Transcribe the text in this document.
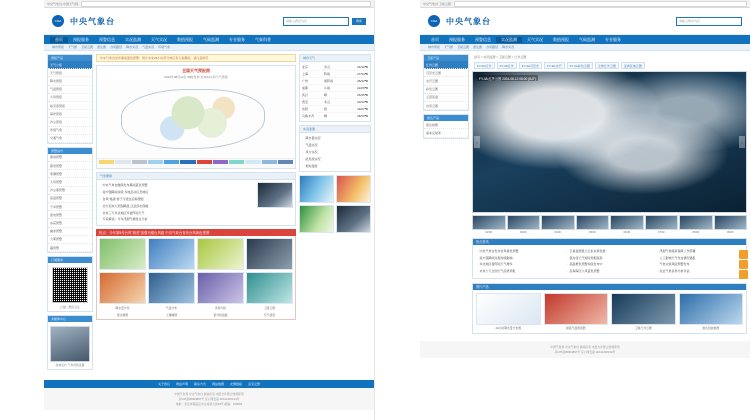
中央气象台-中国天气网
CMA	中央气象台	请输入搜索内容	搜索
首页	预报服务	预警信息	实况监测	天气实况	数值预报	气候监测	专业服务	气象科普
城市预报 天气图 卫星云图 雷达图 台风路径 降水实况 气温实况 环境气象
预报产品
天气公报
天气预报
降水预报
气温预报
大风预报
能见度预报
海洋预报
沙尘预报
环境气象
交通气象
预警信号
暴雨预警
暴雪预警
寒潮预警
大风预警
沙尘暴预警
高温预警
干旱预警
雷电预警
冰雹预警
霜冻预警
大雾预警
霾预警
订阅服务
扫描二维码关注
多媒体中心
权威发布·气象视频直播
中央气象台发布暴雨蓝色预警：预计未来24小时部分地区有大到暴雨，请注意防范
全国天气预报图
2024年08月12日 08时发布 未来24小时天气预报
气象要闻
· 中央气象台继续发布暴雨蓝色预警
· 南方强降雨持续 多地启动应急响应
· 台风"格美"将于今夜在沿海登陆
· 北方迎来大范围降温 注意添衣保暖
· 未来三天华北地区多雷阵雨天气
· 专家解读：今年汛期气候特点分析
热点：今年第5号台风"格美"加强为强台风级 中央气象台发布台风黄色预警
降水量分布	气温分布	风场分析	卫星云图
雷达拼图	土壤墒情	紫外线指数	空气质量
城市天气
北京	多云	24/32℃
上海	阵雨	27/34℃
广州	雷阵雨	26/33℃
成都	小雨	22/29℃
武汉	晴	26/35℃
西安	多云	23/33℃
沈阳	阴	19/27℃
乌鲁木齐	晴	18/30℃
实况监测
· 降水量实况
· 气温实况
· 风力实况
· 能见度实况
· 相对湿度
关于我们 网站声明 联系方式 网站地图 友情链接 意见反馈

中国气象局 中央气象台 版权所有 未经允许禁止转载使用

京ICP备05004897号 京公网安备 11041400134号

地址：北京市海淀区中关村南大街46号 邮编：100081

中央气象台 卫星云图
CMA	中央气象台	请输入搜索内容
首页	预报服务	预警信息	实况监测	天气实况	数值预报	气候监测	专业服务
城市预报 天气图 卫星云图 雷达图 台风路径 降水实况
卫星产品
红外云图
可见光云图
水汽云图
彩色云图
云顶亮温
台风云图
雷达产品
雷达拼图
基本反射率
首页 > 实况监测 > 卫星云图 > 红外云图
FY-2G红外	FY-4A红外	FY-4A可见光	FY-2G水汽	FY-4A彩色云图	全球红外云图	亚洲区域云图
FY-4A 红外云图 2024-08-12 08:00 (BJT)
‹	›
02:00	03:00	04:00	05:00	06:00	07:00	08:00	09:00
热点资讯
· 中央气象台发布台风黄色预警
· 南方强降雨过程持续影响
· 华北地区雷阵雨天气增多
· 未来十天全国天气趋势预报
· 卫星监测显示云系东移发展
· 强对流天气短时预报服务
· 高温橙色预警持续发布中
· 沿海海区大风蓝色预警
· 汛期气象服务保障工作部署
· 人工影响天气作业情况通报
· 气象灾害风险预警发布
· 农业气象条件分析评估
图片产品
24小时降水量分布图	最高气温预报图	卫星红外云图	雷达回波拼图

中国气象局 中央气象台 版权所有 未经允许禁止转载使用

京ICP备05004897号 京公网安备 11041400134号
